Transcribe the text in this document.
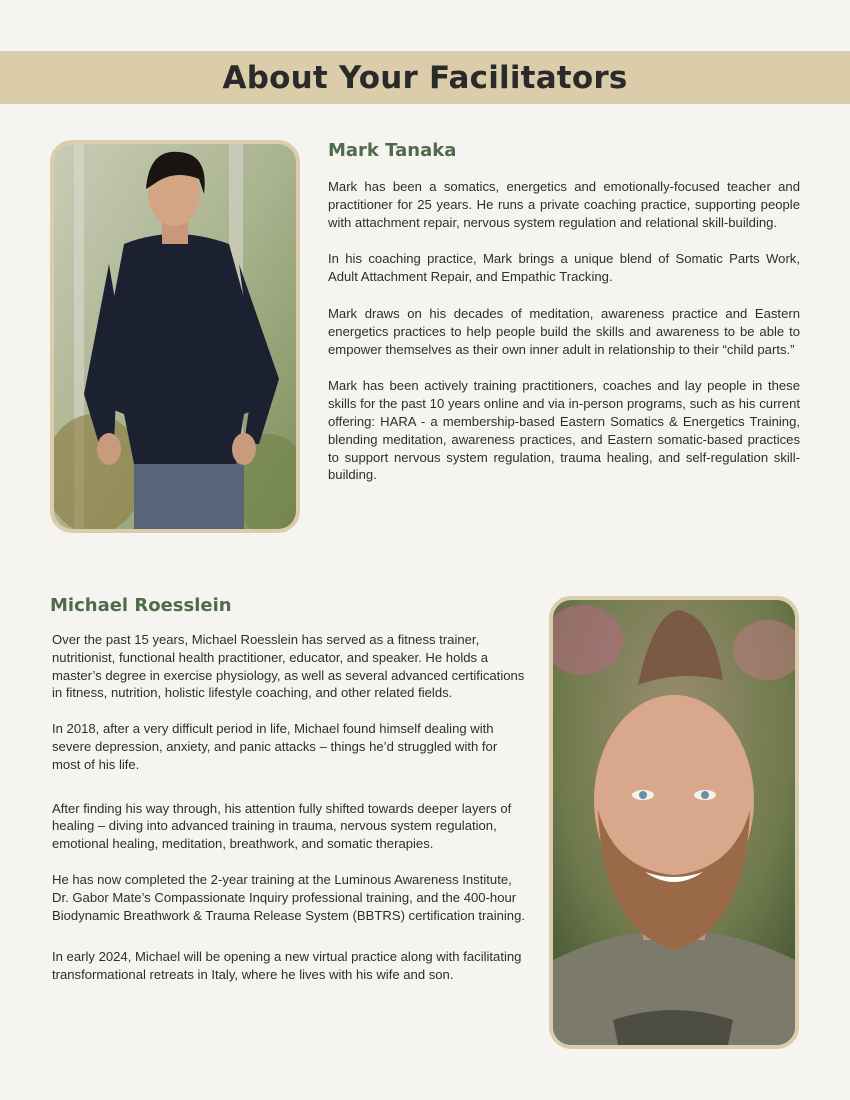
About Your Facilitators
Mark Tanaka

Mark has been a somatics, energetics and emotionally-focused teacher and practitioner for 25 years. He runs a private coaching practice, supporting people with attachment repair, nervous system regulation and relational skill-building.

In his coaching practice, Mark brings a unique blend of Somatic Parts Work, Adult Attachment Repair, and Empathic Tracking.

Mark draws on his decades of meditation, awareness practice and Eastern energetics practices to help people build the skills and awareness to be able to empower themselves as their own inner adult in relationship to their “child parts.”

Mark has been actively training practitioners, coaches and lay people in these skills for the past 10 years online and via in-person programs, such as his current offering: HARA - a membership-based Eastern Somatics & Energetics Training, blending meditation, awareness practices, and Eastern somatic-based practices to support nervous system regulation, trauma healing, and self-regulation skill-building.

Michael Roesslein

Over the past 15 years, Michael Roesslein has served as a fitness trainer, nutritionist, functional health practitioner, educator, and speaker. He holds a master’s degree in exercise physiology, as well as several advanced certifications in fitness, nutrition, holistic lifestyle coaching, and other related fields.

In 2018, after a very difficult period in life, Michael found himself dealing with severe depression, anxiety, and panic attacks – things he’d struggled with for most of his life.

After finding his way through, his attention fully shifted towards deeper layers of healing – diving into advanced training in trauma, nervous system regulation, emotional healing, meditation, breathwork, and somatic therapies.

He has now completed the 2-year training at the Luminous Awareness Institute, Dr. Gabor Mate’s Compassionate Inquiry professional training, and the 400-hour Biodynamic Breathwork & Trauma Release System (BBTRS) certification training.

In early 2024, Michael will be opening a new virtual practice along with facilitating transformational retreats in Italy, where he lives with his wife and son.
